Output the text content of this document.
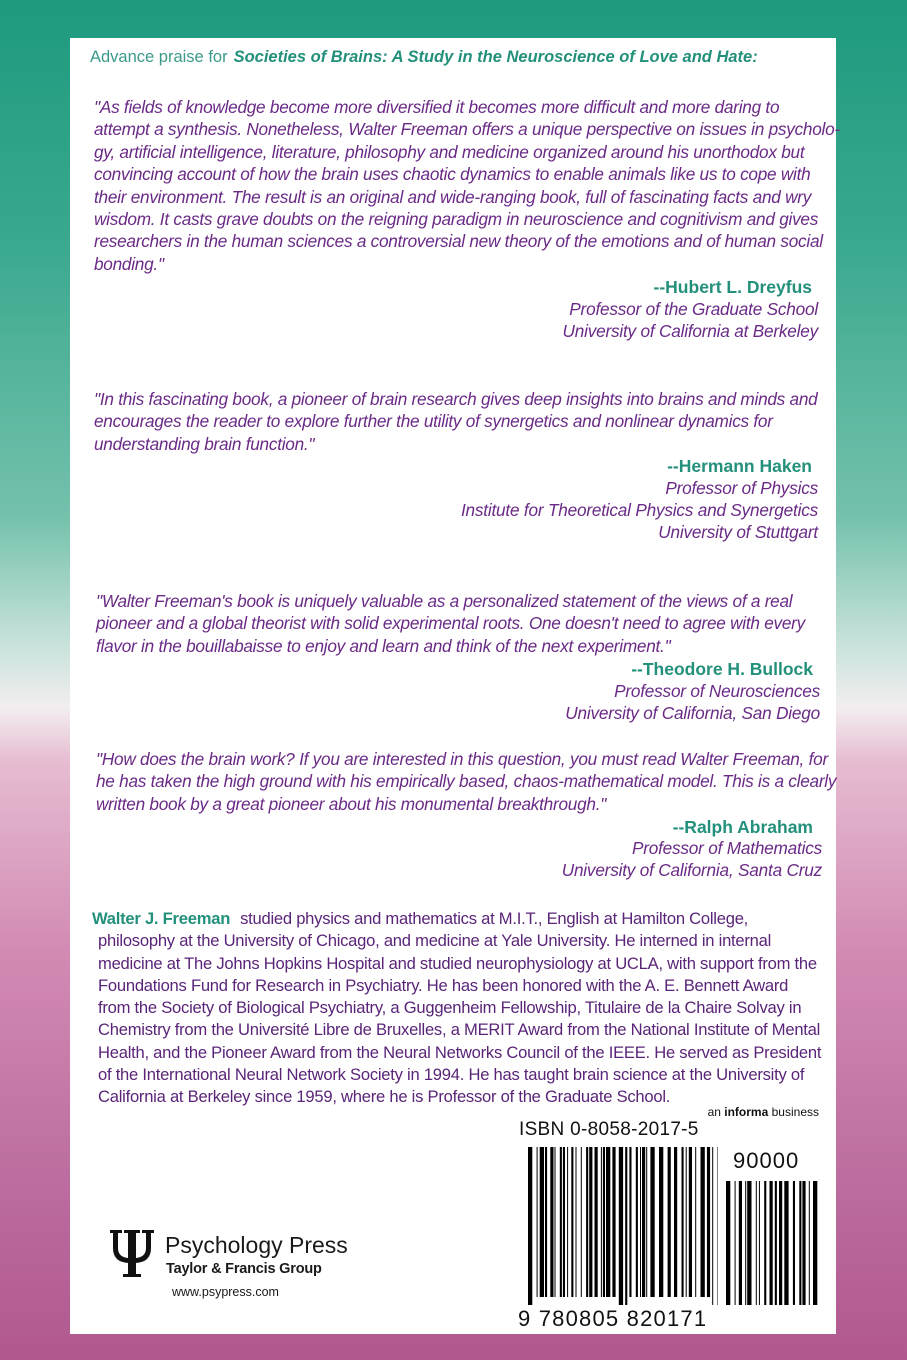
Advance praise for Societies of Brains: A Study in the Neuroscience of Love and Hate:
"As fields of knowledge become more diversified it becomes more difficult and more daring to
attempt a synthesis. Nonetheless, Walter Freeman offers a unique perspective on issues in psycholo-
gy, artificial intelligence, literature, philosophy and medicine organized around his unorthodox but
convincing account of how the brain uses chaotic dynamics to enable animals like us to cope with
their environment. The result is an original and wide-ranging book, full of fascinating facts and wry
wisdom. It casts grave doubts on the reigning paradigm in neuroscience and cognitivism and gives
researchers in the human sciences a controversial new theory of the emotions and of human social
bonding."
--Hubert L. Dreyfus
Professor of the Graduate School
University of California at Berkeley
"In this fascinating book, a pioneer of brain research gives deep insights into brains and minds and
encourages the reader to explore further the utility of synergetics and nonlinear dynamics for
understanding brain function."
--Hermann Haken
Professor of Physics
Institute for Theoretical Physics and Synergetics
University of Stuttgart
"Walter Freeman's book is uniquely valuable as a personalized statement of the views of a real
pioneer and a global theorist with solid experimental roots. One doesn't need to agree with every
flavor in the bouillabaisse to enjoy and learn and think of the next experiment."
--Theodore H. Bullock
Professor of Neurosciences
University of California, San Diego
"How does the brain work? If you are interested in this question, you must read Walter Freeman, for
he has taken the high ground with his empirically based, chaos-mathematical model. This is a clearly
written book by a great pioneer about his monumental breakthrough."
--Ralph Abraham
Professor of Mathematics
University of California, Santa Cruz
Walter J. Freeman studied physics and mathematics at M.I.T., English at Hamilton College,
philosophy at the University of Chicago, and medicine at Yale University. He interned in internal
medicine at The Johns Hopkins Hospital and studied neurophysiology at UCLA, with support from the
Foundations Fund for Research in Psychiatry. He has been honored with the A. E. Bennett Award
from the Society of Biological Psychiatry, a Guggenheim Fellowship, Titulaire de la Chaire Solvay in
Chemistry from the Université Libre de Bruxelles, a MERIT Award from the National Institute of Mental
Health, and the Pioneer Award from the Neural Networks Council of the IEEE. He served as President
of the International Neural Network Society in 1994. He has taught brain science at the University of
California at Berkeley since 1959, where he is Professor of the Graduate School.
an informa business
ISBN 0-8058-2017-5
9 780805 820171
90000
Psychology Press
Taylor & Francis Group
www.psypress.com
